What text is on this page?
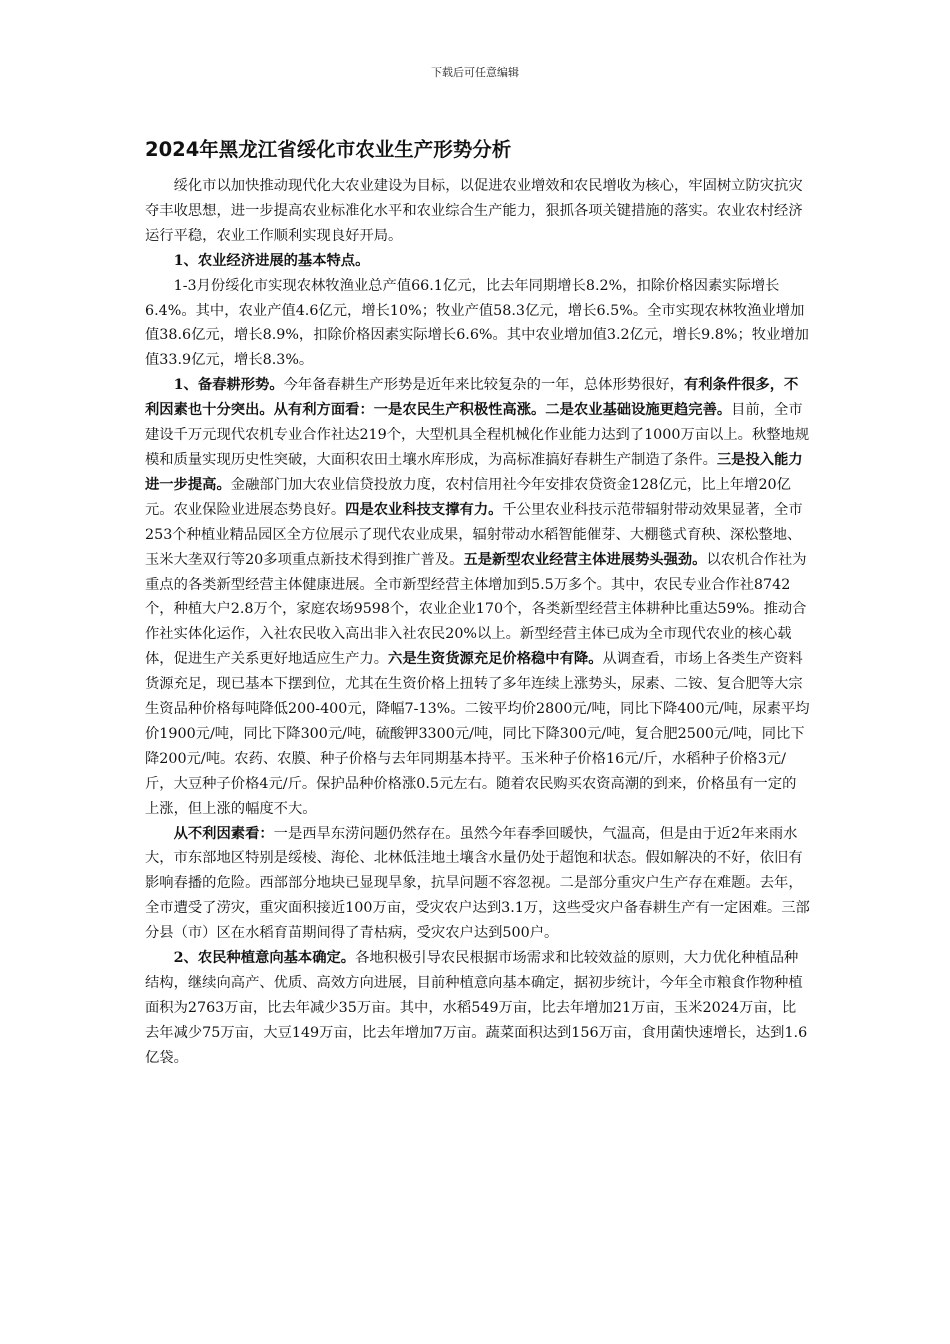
下载后可任意编辑
2024年黑龙江省绥化市农业生产形势分析

绥化市以加快推动现代化大农业建设为目标，以促进农业增效和农民增收为核心，牢固树立防灾抗灾夺丰收思想，进一步提高农业标准化水平和农业综合生产能力，狠抓各项关键措施的落实。农业农村经济运行平稳，农业工作顺利实现良好开局。

1、农业经济进展的基本特点。

1-3月份绥化市实现农林牧渔业总产值66.1亿元，比去年同期增长8.2%，扣除价格因素实际增长6.4%。其中，农业产值4.6亿元，增长10%；牧业产值58.3亿元，增长6.5%。全市实现农林牧渔业增加值38.6亿元，增长8.9%，扣除价格因素实际增长6.6%。其中农业增加值3.2亿元，增长9.8%；牧业增加值33.9亿元，增长8.3%。

1、备春耕形势。今年备春耕生产形势是近年来比较复杂的一年，总体形势很好，有利条件很多，不利因素也十分突出。从有利方面看：一是农民生产积极性高涨。二是农业基础设施更趋完善。目前，全市建设千万元现代农机专业合作社达219个，大型机具全程机械化作业能力达到了1000万亩以上。秋整地规模和质量实现历史性突破，大面积农田土壤水库形成，为高标准搞好春耕生产制造了条件。三是投入能力进一步提高。金融部门加大农业信贷投放力度，农村信用社今年安排农贷资金128亿元，比上年增20亿元。农业保险业进展态势良好。四是农业科技支撑有力。千公里农业科技示范带辐射带动效果显著，全市253个种植业精品园区全方位展示了现代农业成果，辐射带动水稻智能催芽、大棚毯式育秧、深松整地、玉米大垄双行等20多项重点新技术得到推广普及。五是新型农业经营主体进展势头强劲。以农机合作社为重点的各类新型经营主体健康进展。全市新型经营主体增加到5.5万多个。其中，农民专业合作社8742个，种植大户2.8万个，家庭农场9598个，农业企业170个，各类新型经营主体耕种比重达59%。推动合作社实体化运作，入社农民收入高出非入社农民20%以上。新型经营主体已成为全市现代农业的核心载体，促进生产关系更好地适应生产力。六是生资货源充足价格稳中有降。从调查看，市场上各类生产资料货源充足，现已基本下摆到位，尤其在生资价格上扭转了多年连续上涨势头，尿素、二铵、复合肥等大宗生资品种价格每吨降低200-400元，降幅7-13%。二铵平均价2800元/吨，同比下降400元/吨，尿素平均价1900元/吨，同比下降300元/吨，硫酸钾3300元/吨，同比下降300元/吨，复合肥2500元/吨，同比下降200元/吨。农药、农膜、种子价格与去年同期基本持平。玉米种子价格16元/斤，水稻种子价格3元/斤，大豆种子价格4元/斤。保护品种价格涨0.5元左右。随着农民购买农资高潮的到来，价格虽有一定的上涨，但上涨的幅度不大。

从不利因素看：一是西旱东涝问题仍然存在。虽然今年春季回暖快，气温高，但是由于近2年来雨水大，市东部地区特别是绥棱、海伦、北林低洼地土壤含水量仍处于超饱和状态。假如解决的不好，依旧有影响春播的危险。西部部分地块已显现旱象，抗旱问题不容忽视。二是部分重灾户生产存在难题。去年，全市遭受了涝灾，重灾面积接近100万亩，受灾农户达到3.1万，这些受灾户备春耕生产有一定困难。三部分县（市）区在水稻育苗期间得了青枯病，受灾农户达到500户。

2、农民种植意向基本确定。各地积极引导农民根据市场需求和比较效益的原则，大力优化种植品种结构，继续向高产、优质、高效方向进展，目前种植意向基本确定，据初步统计，今年全市粮食作物种植面积为2763万亩，比去年减少35万亩。其中，水稻549万亩，比去年增加21万亩，玉米2024万亩，比去年减少75万亩，大豆149万亩，比去年增加7万亩。蔬菜面积达到156万亩，食用菌快速增长，达到1.6亿袋。
